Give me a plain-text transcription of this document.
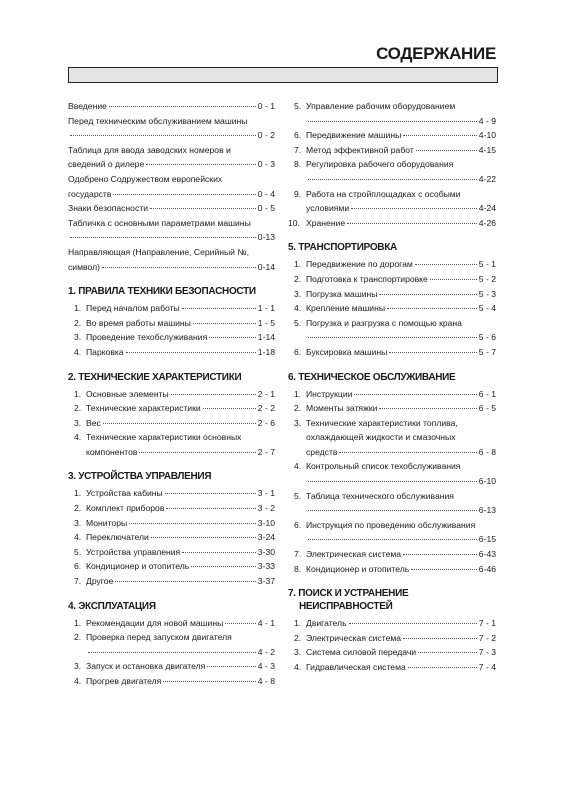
СОДЕРЖАНИЕ
Введение	0 - 1
Перед техническим обслуживанием машины
0 - 2
Таблица для ввода заводских номеров и
сведений о дилере	0 - 3
Одобрено Содружеством европейских
государств	0 - 4
Знаки безопасности	0 - 5
Табличка с основными параметрами машины
0-13
Направляющая (Направление, Серийный №,
символ)	0-14
1. ПРАВИЛА ТЕХНИКИ БЕЗОПАСНОСТИ
1. Перед началом работы	1 - 1
2. Во время работы машины	1 - 5
3. Проведение техобслуживания	1-14
4. Парковка	1-18
2. ТЕХНИЧЕСКИЕ ХАРАКТЕРИСТИКИ
1. Основные элементы	2 - 1
2. Технические характеристики	2 - 2
3. Вес	2 - 6
4. Технические характеристики основных
компонентов	2 - 7
3. УСТРОЙСТВА УПРАВЛЕНИЯ
1. Устройства кабины	3 - 1
2. Комплект приборов	3 - 2
3. Мониторы	3-10
4. Переключатели	3-24
5. Устройства управления	3-30
6. Кондиционер и отопитель	3-33
7. Другое	3-37
4. ЭКСПЛУАТАЦИЯ
1. Рекомендации для новой машины	4 - 1
2. Проверка перед запуском двигателя
4 - 2
3. Запуск и остановка двигателя	4 - 3
4. Прогрев двигателя	4 - 8
5. Управление рабочим оборудованием
4 - 9
6. Передвижение машины	4-10
7. Метод эффективной работ	4-15
8. Регулировка рабочего оборудования
4-22
9. Работа на стройплощадках с особыми
условиями	4-24
10. Хранение	4-26
5. ТРАНСПОРТИРОВКА
1. Передвижение по дорогам	5 - 1
2. Подготовка к транспортировке	5 - 2
3. Погрузка машины	5 - 3
4. Крепление машины	5 - 4
5. Погрузка и разгрузка с помощью крана
5 - 6
6. Буксировка машины	5 - 7
6. ТЕХНИЧЕСКОЕ ОБСЛУЖИВАНИЕ
1. Инструкции	6 - 1
2. Моменты затяжки	6 - 5
3. Технические характеристики топлива,
охлаждающей жидкости и смазочных
средств	6 - 8
4. Контрольный список техобслуживания
6-10
5. Таблица технического обслуживания
6-13
6. Инструкция по проведению обслуживания
6-15
7. Электрическая система	6-43
8. Кондиционер и отопитель	6-46
7. ПОИСК И УСТРАНЕНИЕ
НЕИСПРАВНОСТЕЙ
1. Двигатель	7 - 1
2. Электрическая система	7 - 2
3. Система силовой передачи	7 - 3
4. Гидравлическая система	7 - 4
